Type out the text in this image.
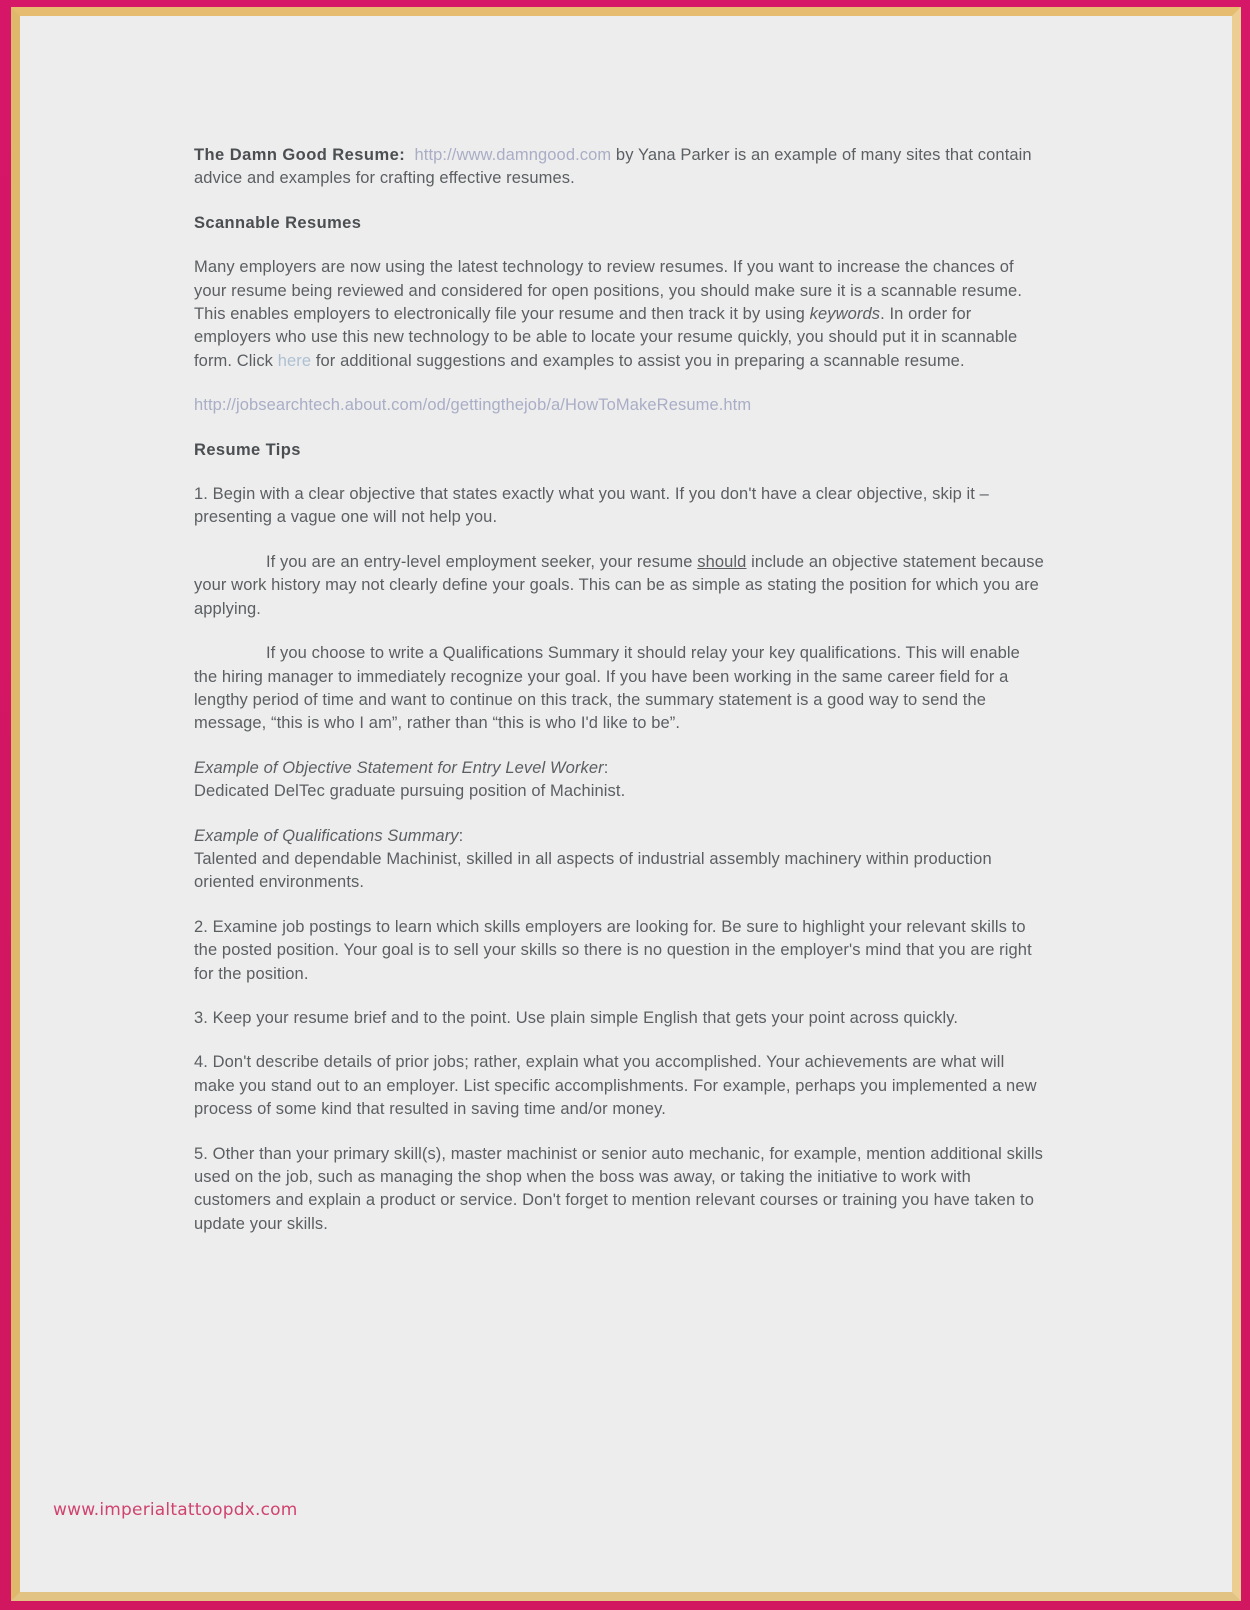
The Damn Good Resume: http://www.damngood.com by Yana Parker is an example of many sites that contain advice and examples for crafting effective resumes.

Scannable Resumes

Many employers are now using the latest technology to review resumes. If you want to increase the chances of your resume being reviewed and considered for open positions, you should make sure it is a scannable resume. This enables employers to electronically file your resume and then track it by using keywords. In order for employers who use this new technology to be able to locate your resume quickly, you should put it in scannable form. Click here for additional suggestions and examples to assist you in preparing a scannable resume.

http://jobsearchtech.about.com/od/gettingthejob/a/HowToMakeResume.htm

Resume Tips

1. Begin with a clear objective that states exactly what you want. If you don't have a clear objective, skip it – presenting a vague one will not help you.

If you are an entry-level employment seeker, your resume should include an objective statement because your work history may not clearly define your goals. This can be as simple as stating the position for which you are applying.

If you choose to write a Qualifications Summary it should relay your key qualifications. This will enable the hiring manager to immediately recognize your goal. If you have been working in the same career field for a lengthy period of time and want to continue on this track, the summary statement is a good way to send the message, “this is who I am”, rather than “this is who I'd like to be”.

Example of Objective Statement for Entry Level Worker:

Dedicated DelTec graduate pursuing position of Machinist.

Example of Qualifications Summary:

Talented and dependable Machinist, skilled in all aspects of industrial assembly machinery within production oriented environments.

2. Examine job postings to learn which skills employers are looking for. Be sure to highlight your relevant skills to the posted position. Your goal is to sell your skills so there is no question in the employer's mind that you are right for the position.

3. Keep your resume brief and to the point. Use plain simple English that gets your point across quickly.

4. Don't describe details of prior jobs; rather, explain what you accomplished. Your achievements are what will make you stand out to an employer. List specific accomplishments. For example, perhaps you implemented a new process of some kind that resulted in saving time and/or money.

5. Other than your primary skill(s), master machinist or senior auto mechanic, for example, mention additional skills used on the job, such as managing the shop when the boss was away, or taking the initiative to work with customers and explain a product or service. Don't forget to mention relevant courses or training you have taken to update your skills.

www.imperialtattoopdx.com
